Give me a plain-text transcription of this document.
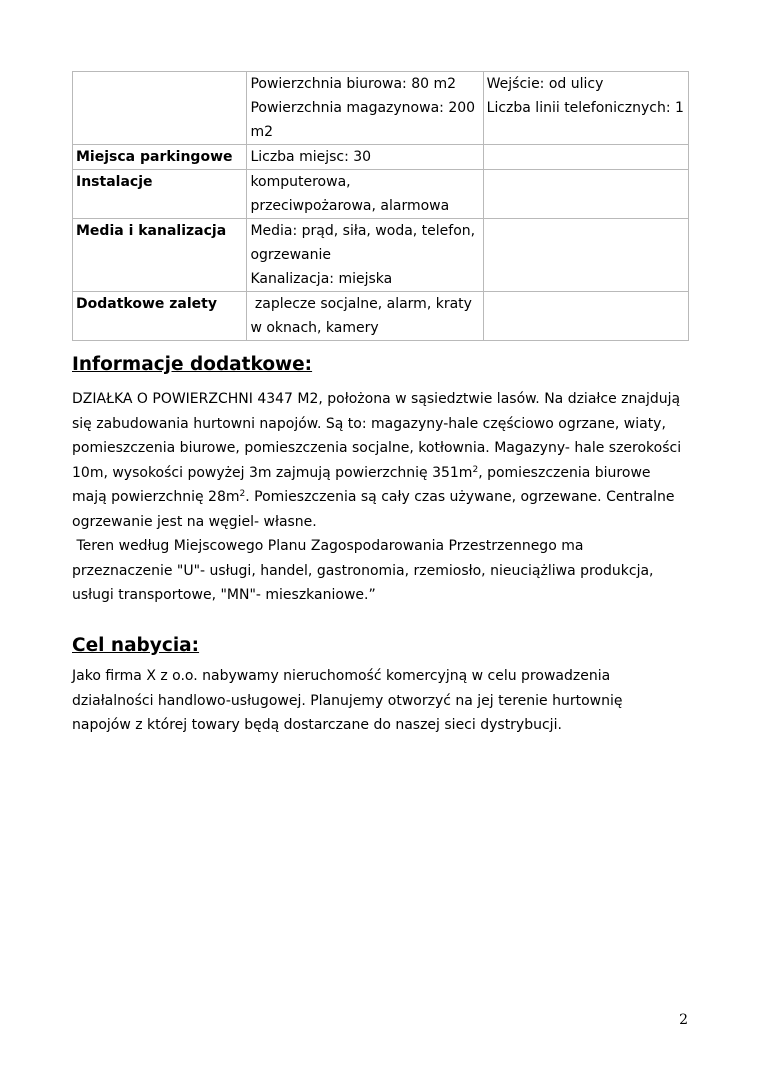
	Powierzchnia biurowa: 80 m2
Powierzchnia magazynowa: 200
m2	Wejście: od ulicy
Liczba linii telefonicznych: 1

Miejsca parkingowe	Liczba miejsc: 30	

Instalacje	komputerowa,
przeciwpożarowa, alarmowa	

Media i kanalizacja	Media: prąd, siła, woda, telefon,
ogrzewanie
Kanalizacja: miejska	

Dodatkowe zalety	zaplecze socjalne, alarm, kraty
w oknach, kamery	

Informacje dodatkowe:
DZIAŁKA O POWIERZCHNI 4347 M2, położona w sąsiedztwie lasów. Na działce znajdują
się zabudowania hurtowni napojów. Są to: magazyny-hale częściowo ogrzane, wiaty,
pomieszczenia biurowe, pomieszczenia socjalne, kotłownia. Magazyny- hale szerokości
10m, wysokości powyżej 3m zajmują powierzchnię $351m^2$, pomieszczenia biurowe
mają powierzchnię $28m^2$. Pomieszczenia są cały czas używane, ogrzewane. Centralne
ogrzewanie jest na węgiel- własne.
Teren według Miejscowego Planu Zagospodarowania Przestrzennego ma
przeznaczenie "U"- usługi, handel, gastronomia, rzemiosło, nieuciążliwa produkcja,
usługi transportowe, "MN"- mieszkaniowe.”
Cel nabycia:
Jako firma X z o.o. nabywamy nieruchomość komercyjną w celu prowadzenia
działalności handlowo-usługowej. Planujemy otworzyć na jej terenie hurtownię
napojów z której towary będą dostarczane do naszej sieci dystrybucji.
2
